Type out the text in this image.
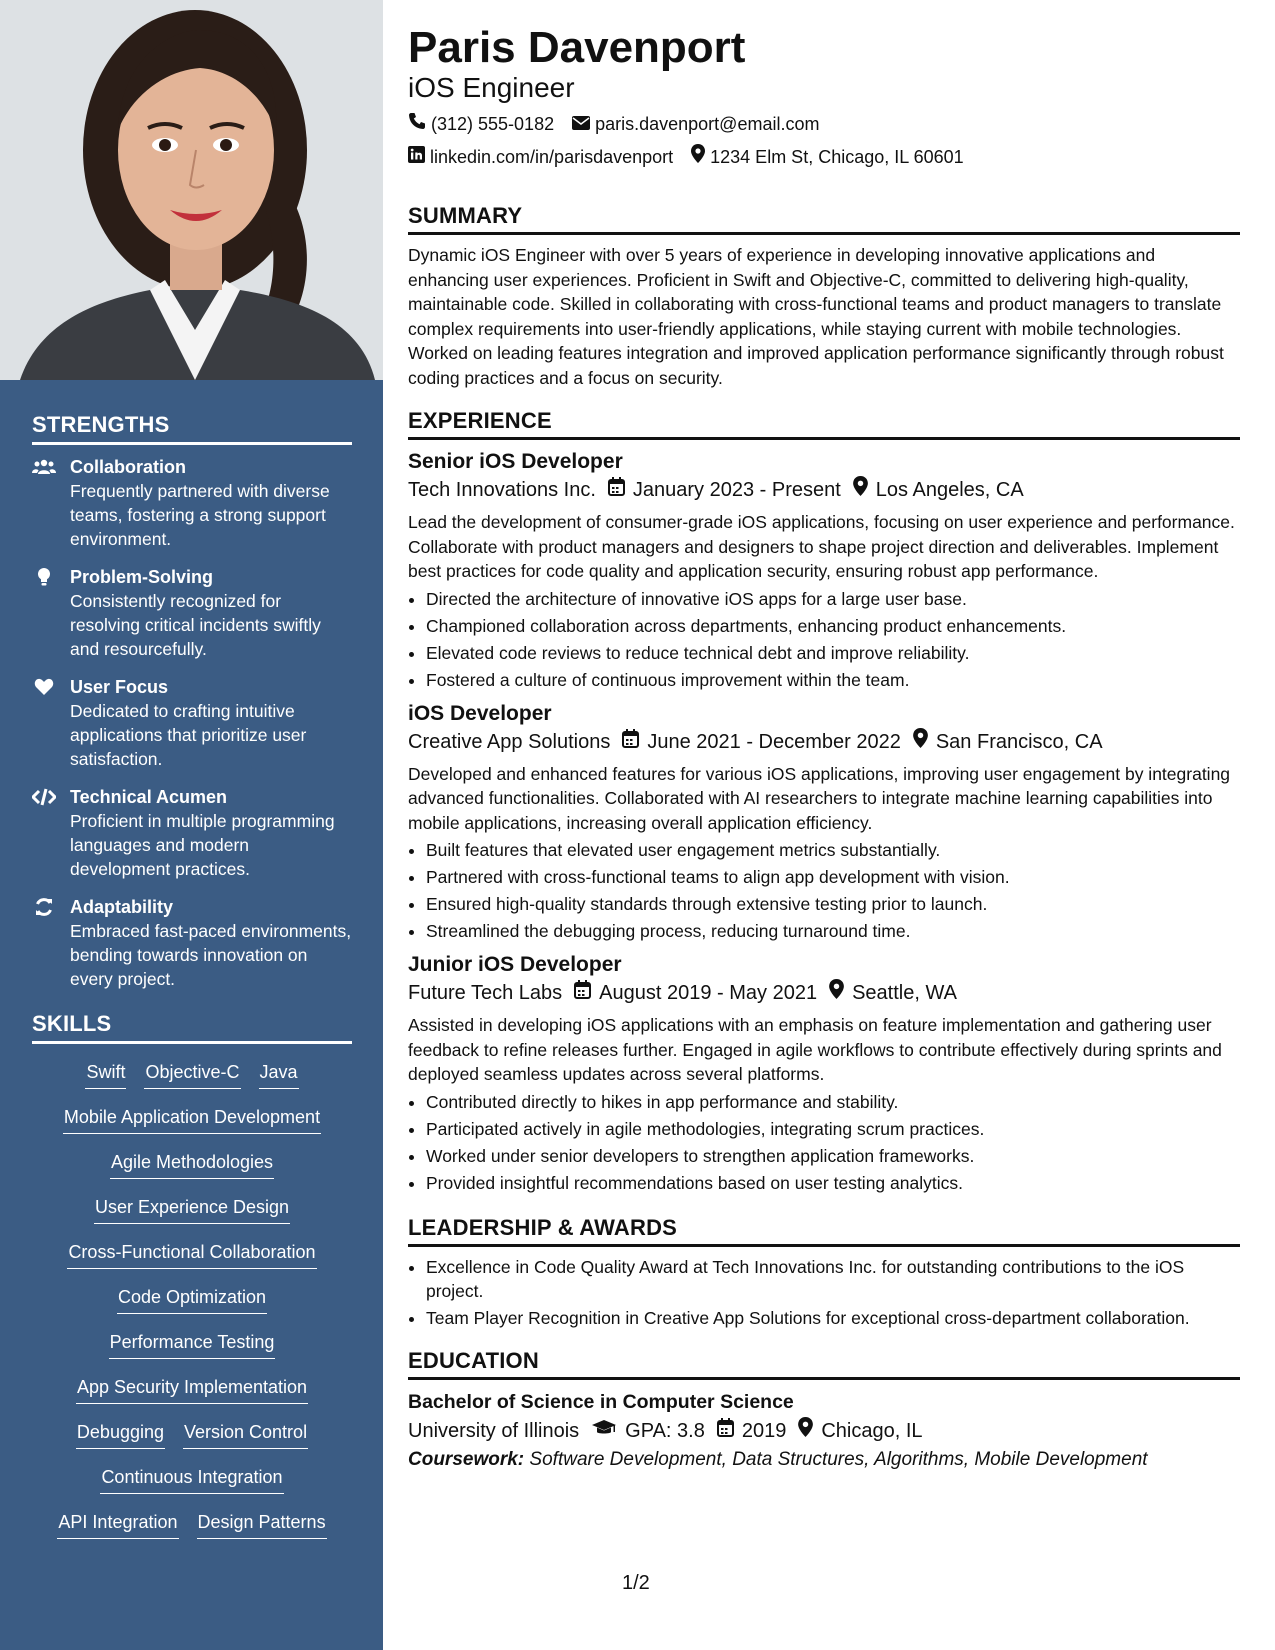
STRENGTHS
Collaboration
Frequently partnered with diverse teams, fostering a strong support environment.
Problem-Solving
Consistently recognized for resolving critical incidents swiftly and resourcefully.
User Focus
Dedicated to crafting intuitive applications that prioritize user satisfaction.
Technical Acumen
Proficient in multiple programming languages and modern development practices.
Adaptability
Embraced fast-paced environments, bending towards innovation on every project.
SKILLS
Swift Objective-C Java
Mobile Application Development
Agile Methodologies
User Experience Design
Cross-Functional Collaboration
Code Optimization
Performance Testing
App Security Implementation
Debugging Version Control
Continuous Integration
API Integration Design Patterns
Paris Davenport
iOS Engineer
(312) 555-0182 paris.davenport@email.com
linkedin.com/in/parisdavenport 1234 Elm St, Chicago, IL 60601
SUMMARY
Dynamic iOS Engineer with over 5 years of experience in developing innovative applications and enhancing user experiences. Proficient in Swift and Objective-C, committed to delivering high-quality, maintainable code. Skilled in collaborating with cross-functional teams and product managers to translate complex requirements into user-friendly applications, while staying current with mobile technologies. Worked on leading features integration and improved application performance significantly through robust coding practices and a focus on security.
EXPERIENCE
Senior iOS Developer
Tech Innovations Inc. January 2023 - Present Los Angeles, CA
Lead the development of consumer-grade iOS applications, focusing on user experience and performance. Collaborate with product managers and designers to shape project direction and deliverables. Implement best practices for code quality and application security, ensuring robust app performance.
• Directed the architecture of innovative iOS apps for a large user base.
• Championed collaboration across departments, enhancing product enhancements.
• Elevated code reviews to reduce technical debt and improve reliability.
• Fostered a culture of continuous improvement within the team.
iOS Developer
Creative App Solutions June 2021 - December 2022 San Francisco, CA
Developed and enhanced features for various iOS applications, improving user engagement by integrating advanced functionalities. Collaborated with AI researchers to integrate machine learning capabilities into mobile applications, increasing overall application efficiency.
• Built features that elevated user engagement metrics substantially.
• Partnered with cross-functional teams to align app development with vision.
• Ensured high-quality standards through extensive testing prior to launch.
• Streamlined the debugging process, reducing turnaround time.
Junior iOS Developer
Future Tech Labs August 2019 - May 2021 Seattle, WA
Assisted in developing iOS applications with an emphasis on feature implementation and gathering user feedback to refine releases further. Engaged in agile workflows to contribute effectively during sprints and deployed seamless updates across several platforms.
• Contributed directly to hikes in app performance and stability.
• Participated actively in agile methodologies, integrating scrum practices.
• Worked under senior developers to strengthen application frameworks.
• Provided insightful recommendations based on user testing analytics.
LEADERSHIP & AWARDS
• Excellence in Code Quality Award at Tech Innovations Inc. for outstanding contributions to the iOS project.
• Team Player Recognition in Creative App Solutions for exceptional cross-department collaboration.
EDUCATION
Bachelor of Science in Computer Science
University of Illinois GPA: 3.8 2019 Chicago, IL
Coursework: Software Development, Data Structures, Algorithms, Mobile Development
1/2
